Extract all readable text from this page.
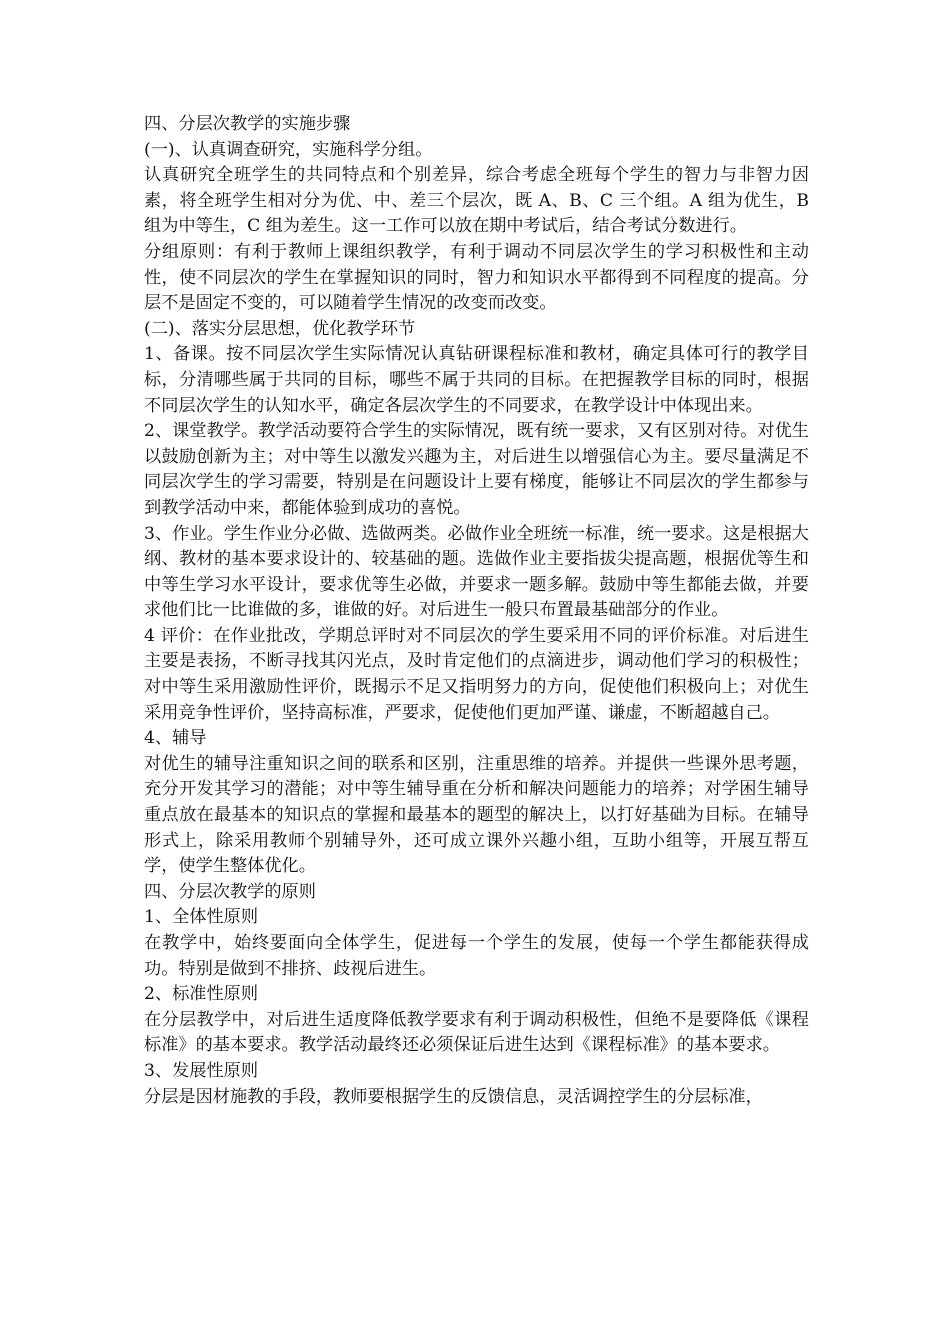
四、分层次教学的实施步骤

(一)、认真调查研究，实施科学分组。

认真研究全班学生的共同特点和个别差异，综合考虑全班每个学生的智力与非智力因素，将全班学生相对分为优、中、差三个层次，既 A、B、C 三个组。A 组为优生，B 组为中等生，C 组为差生。这一工作可以放在期中考试后，结合考试分数进行。

分组原则：有利于教师上课组织教学，有利于调动不同层次学生的学习积极性和主动性，使不同层次的学生在掌握知识的同时，智力和知识水平都得到不同程度的提高。分层不是固定不变的，可以随着学生情况的改变而改变。

(二)、落实分层思想，优化教学环节

1、备课。按不同层次学生实际情况认真钻研课程标准和教材，确定具体可行的教学目标，分清哪些属于共同的目标，哪些不属于共同的目标。在把握教学目标的同时，根据不同层次学生的认知水平，确定各层次学生的不同要求，在教学设计中体现出来。

2、课堂教学。教学活动要符合学生的实际情况，既有统一要求，又有区别对待。对优生以鼓励创新为主；对中等生以激发兴趣为主，对后进生以增强信心为主。要尽量满足不同层次学生的学习需要，特别是在问题设计上要有梯度，能够让不同层次的学生都参与到教学活动中来，都能体验到成功的喜悦。

3、作业。学生作业分必做、选做两类。必做作业全班统一标准，统一要求。这是根据大纲、教材的基本要求设计的、较基础的题。选做作业主要指拔尖提高题，根据优等生和中等生学习水平设计，要求优等生必做，并要求一题多解。鼓励中等生都能去做，并要求他们比一比谁做的多，谁做的好。对后进生一般只布置最基础部分的作业。

4 评价：在作业批改，学期总评时对不同层次的学生要采用不同的评价标准。对后进生主要是表扬，不断寻找其闪光点，及时肯定他们的点滴进步，调动他们学习的积极性；对中等生采用激励性评价，既揭示不足又指明努力的方向，促使他们积极向上；对优生采用竞争性评价，坚持高标准，严要求，促使他们更加严谨、谦虚，不断超越自己。

4、辅导

对优生的辅导注重知识之间的联系和区别，注重思维的培养。并提供一些课外思考题，充分开发其学习的潜能；对中等生辅导重在分析和解决问题能力的培养；对学困生辅导重点放在最基本的知识点的掌握和最基本的题型的解决上，以打好基础为目标。在辅导形式上，除采用教师个别辅导外，还可成立课外兴趣小组，互助小组等，开展互帮互学，使学生整体优化。

四、分层次教学的原则

1、全体性原则

在教学中，始终要面向全体学生，促进每一个学生的发展，使每一个学生都能获得成功。特别是做到不排挤、歧视后进生。

2、标准性原则

在分层教学中，对后进生适度降低教学要求有利于调动积极性，但绝不是要降低《课程标准》的基本要求。教学活动最终还必须保证后进生达到《课程标准》的基本要求。

3、发展性原则

分层是因材施教的手段，教师要根据学生的反馈信息，灵活调控学生的分层标准，
